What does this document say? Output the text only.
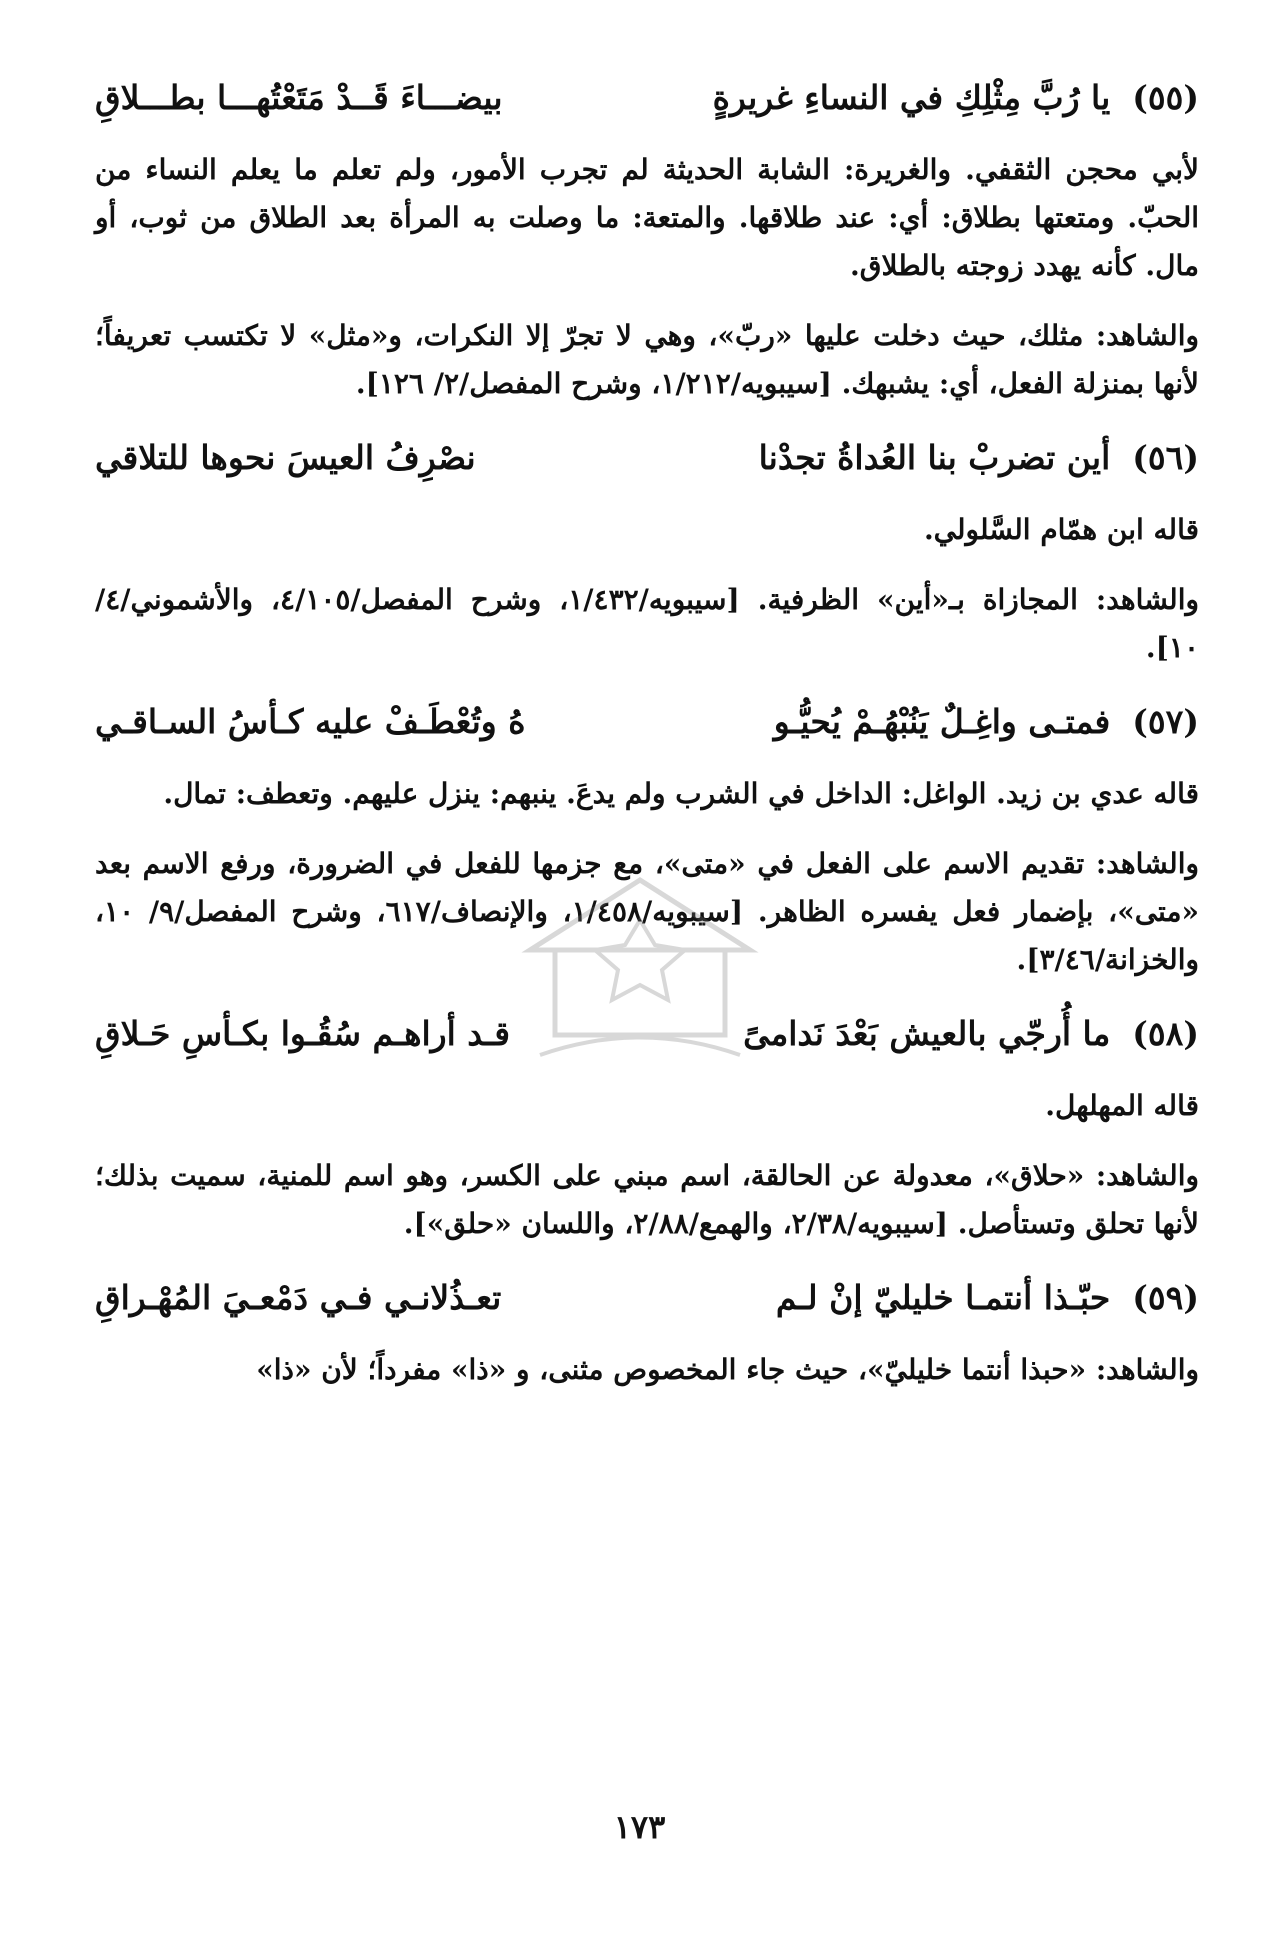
(٥٥)
يا رُبَّ مِثْلِكِ في النساءِ غريرةٍ
بيضـــاءَ قَــدْ مَتَعْتُهـــا بطـــلاقِ

لأبي محجن الثقفي. والغريرة: الشابة الحديثة لم تجرب الأمور، ولم تعلم ما يعلم النساء من الحبّ. ومتعتها بطلاق: أي: عند طلاقها. والمتعة: ما وصلت به المرأة بعد الطلاق من ثوب، أو مال. كأنه يهدد زوجته بالطلاق.

والشاهد: مثلك، حيث دخلت عليها «ربّ»، وهي لا تجرّ إلا النكرات، و«مثل» لا تكتسب تعريفاً؛ لأنها بمنزلة الفعل، أي: يشبهك. [سيبويه/١/٢١٢، وشرح المفصل/٢/ ١٢٦].

(٥٦)
أين تضربْ بنا العُداةُ تجدْنا
نصْرِفُ العيسَ نحوها للتلاقي

قاله ابن همّام السَّلولي.

والشاهد: المجازاة بـ«أين» الظرفية. [سيبويه/١/٤٣٢، وشرح المفصل/٤/١٠٥، والأشموني/٤/ ١٠].

(٥٧)
فمتـى واغِـلٌ يَنُبْهُـمْ يُحيُّـو
هُ وتُعْطَـفْ عليه كـأسُ السـاقـي

قاله عدي بن زيد. الواغل: الداخل في الشرب ولم يدعَ. ينبهم: ينزل عليهم. وتعطف: تمال.

والشاهد: تقديم الاسم على الفعل في «متى»، مع جزمها للفعل في الضرورة، ورفع الاسم بعد «متى»، بإضمار فعل يفسره الظاهر. [سيبويه/١/٤٥٨، والإنصاف/٦١٧، وشرح المفصل/٩/ ١٠، والخزانة/٣/٤٦].

(٥٨)
ما أُرجّي بالعيش بَعْدَ نَدامىً
قـد أراهـم سُقُـوا بكـأسِ حَـلاقِ

قاله المهلهل.

والشاهد: «حلاق»، معدولة عن الحالقة، اسم مبني على الكسر، وهو اسم للمنية، سميت بذلك؛ لأنها تحلق وتستأصل. [سيبويه/٢/٣٨، والهمع/٢/٨٨، واللسان «حلق»].

(٥٩)
حبّـذا أنتمـا خليليّ إنْ لـم
تعـذُلانـي فـي دَمْعـيَ المُهْـراقِ

والشاهد: «حبذا أنتما خليليّ»، حيث جاء المخصوص مثنى، و «ذا» مفرداً؛ لأن «ذا»

١٧٣
